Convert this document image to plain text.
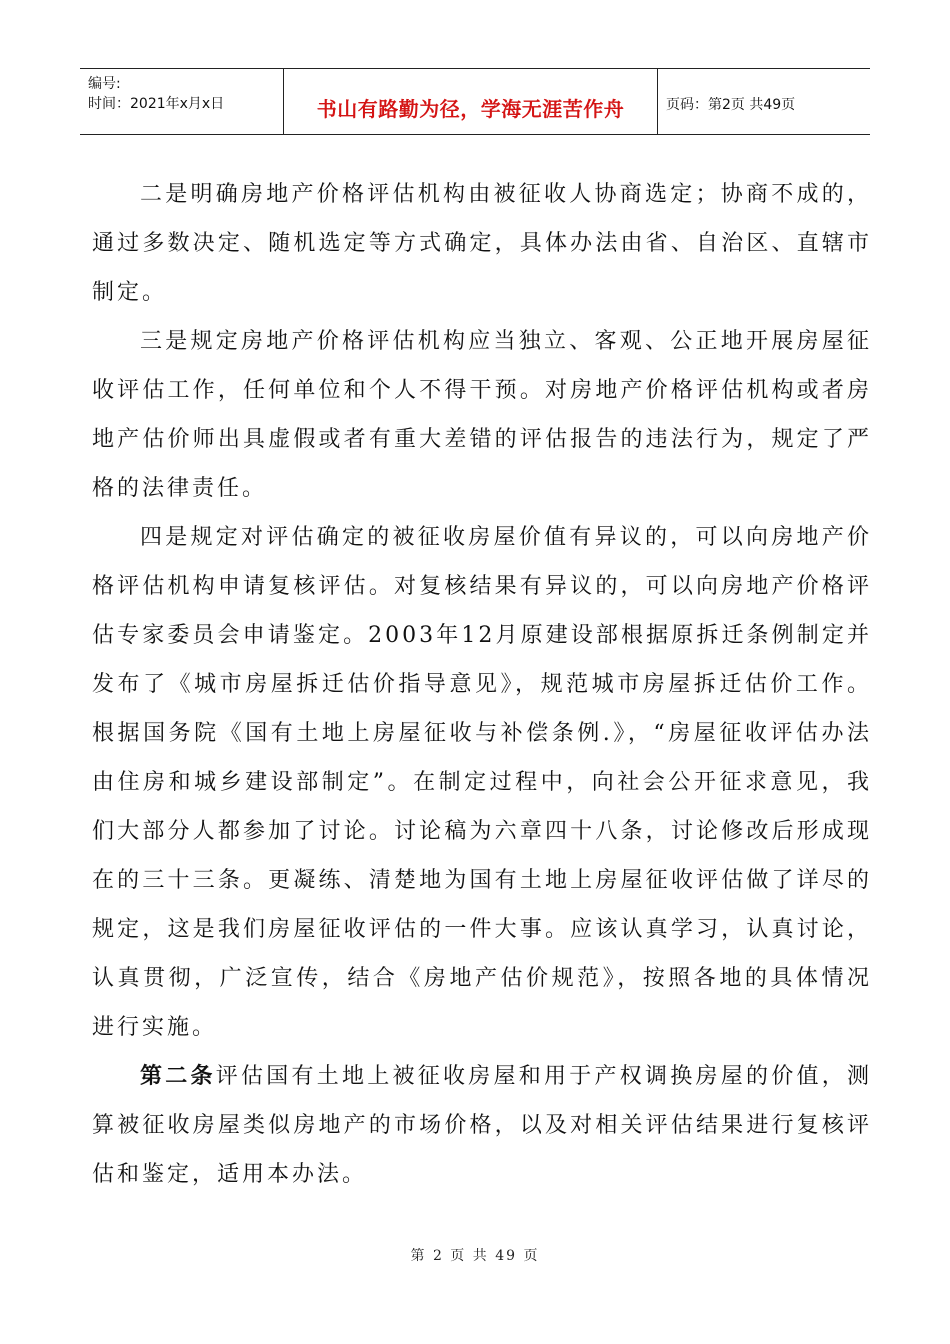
编号:
时间：2021年x月x日	书山有路勤为径，学海无涯苦作舟	页码：第2页 共49页

二是明确房地产价格评估机构由被征收人协商选定；协商不成的，通过多数决定、随机选定等方式确定，具体办法由省、自治区、直辖市制定。

三是规定房地产价格评估机构应当独立、客观、公正地开展房屋征收评估工作，任何单位和个人不得干预。对房地产价格评估机构或者房地产估价师出具虚假或者有重大差错的评估报告的违法行为，规定了严格的法律责任。

四是规定对评估确定的被征收房屋价值有异议的，可以向房地产价格评估机构申请复核评估。对复核结果有异议的，可以向房地产价格评估专家委员会申请鉴定。2003年12月原建设部根据原拆迁条例制定并发布了《城市房屋拆迁估价指导意见》，规范城市房屋拆迁估价工作。根据国务院《国有土地上房屋征收与补偿条例.》，“房屋征收评估办法由住房和城乡建设部制定”。在制定过程中，向社会公开征求意见，我们大部分人都参加了讨论。讨论稿为六章四十八条，讨论修改后形成现在的三十三条。更凝练、清楚地为国有土地上房屋征收评估做了详尽的规定，这是我们房屋征收评估的一件大事。应该认真学习，认真讨论，认真贯彻，广泛宣传，结合《房地产估价规范》，按照各地的具体情况进行实施。

第二条评估国有土地上被征收房屋和用于产权调换房屋的价值，测算被征收房屋类似房地产的市场价格，以及对相关评估结果进行复核评估和鉴定，适用本办法。

第 2 页 共 49 页
